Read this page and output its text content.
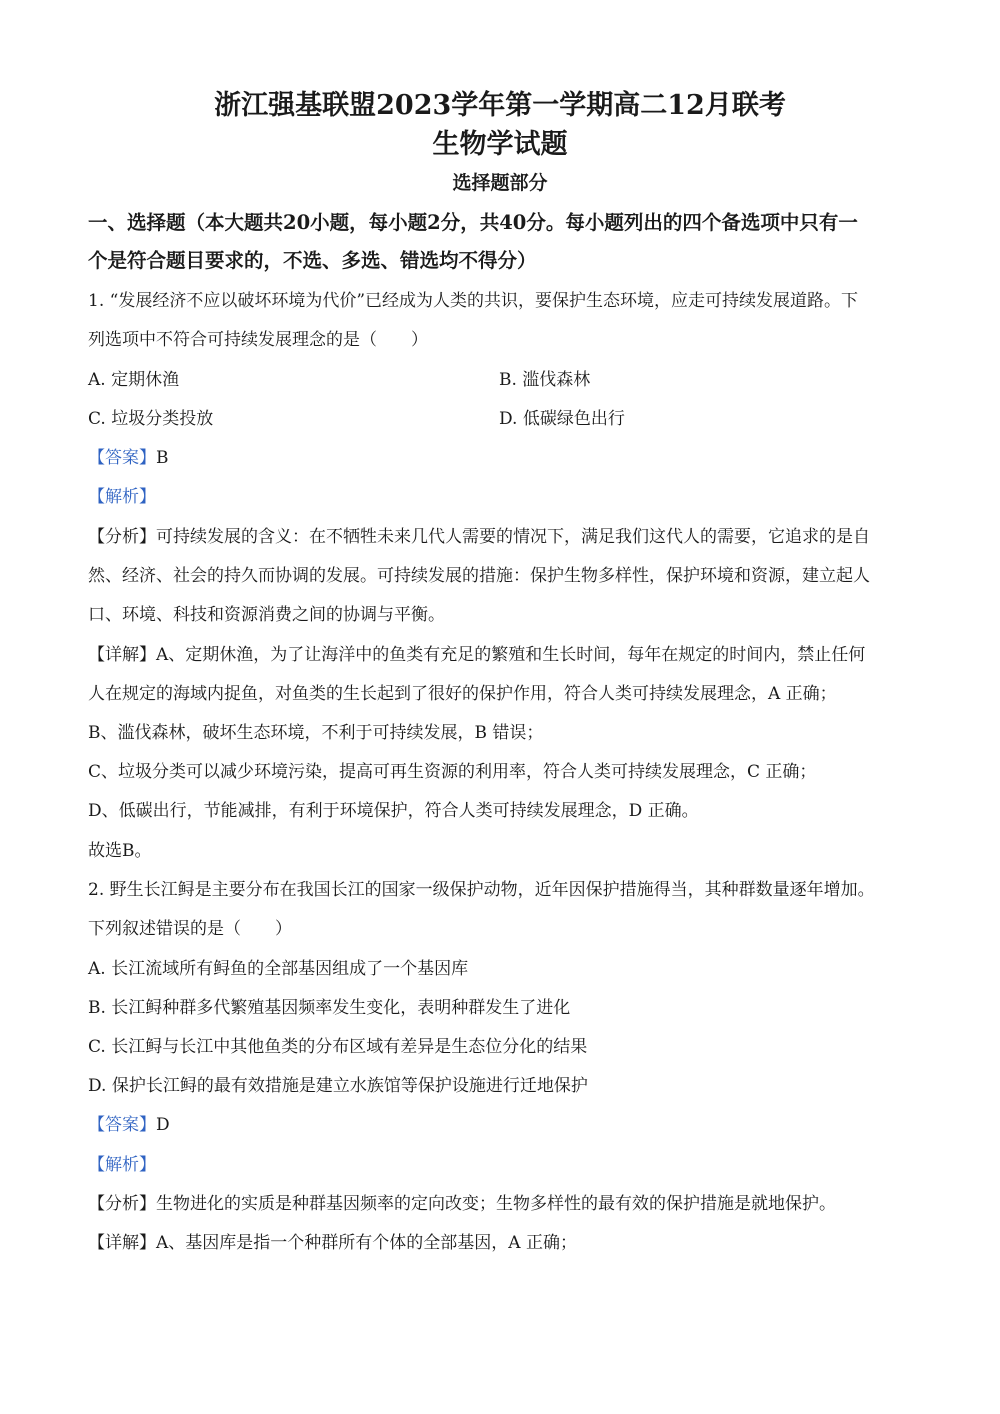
浙江强基联盟2023学年第一学期高二12月联考
生物学试题
选择题部分
一、选择题（本大题共20小题，每小题2分，共40分。每小题列出的四个备选项中只有一
个是符合题目要求的，不选、多选、错选均不得分）
1. “发展经济不应以破坏环境为代价”已经成为人类的共识，要保护生态环境，应走可持续发展道路。下
列选项中不符合可持续发展理念的是（　　）
A. 定期休渔	B. 滥伐森林
C. 垃圾分类投放	D. 低碳绿色出行
【答案】B
【解析】
【分析】可持续发展的含义：在不牺牲未来几代人需要的情况下，满足我们这代人的需要，它追求的是自
然、经济、社会的持久而协调的发展。可持续发展的措施：保护生物多样性，保护环境和资源，建立起人
口、环境、科技和资源消费之间的协调与平衡。
【详解】A、定期休渔，为了让海洋中的鱼类有充足的繁殖和生长时间，每年在规定的时间内，禁止任何
人在规定的海域内捉鱼，对鱼类的生长起到了很好的保护作用，符合人类可持续发展理念，A 正确；
B、滥伐森林，破坏生态环境，不利于可持续发展，B 错误；
C、垃圾分类可以减少环境污染，提高可再生资源的利用率，符合人类可持续发展理念，C 正确；
D、低碳出行，节能减排，有利于环境保护，符合人类可持续发展理念，D 正确。
故选B。
2. 野生长江鲟是主要分布在我国长江的国家一级保护动物，近年因保护措施得当，其种群数量逐年增加。
下列叙述错误的是（　　）
A. 长江流域所有鲟鱼的全部基因组成了一个基因库
B. 长江鲟种群多代繁殖基因频率发生变化，表明种群发生了进化
C. 长江鲟与长江中其他鱼类的分布区域有差异是生态位分化的结果
D. 保护长江鲟的最有效措施是建立水族馆等保护设施进行迁地保护
【答案】D
【解析】
【分析】生物进化的实质是种群基因频率的定向改变；生物多样性的最有效的保护措施是就地保护。
【详解】A、基因库是指一个种群所有个体的全部基因，A 正确；
